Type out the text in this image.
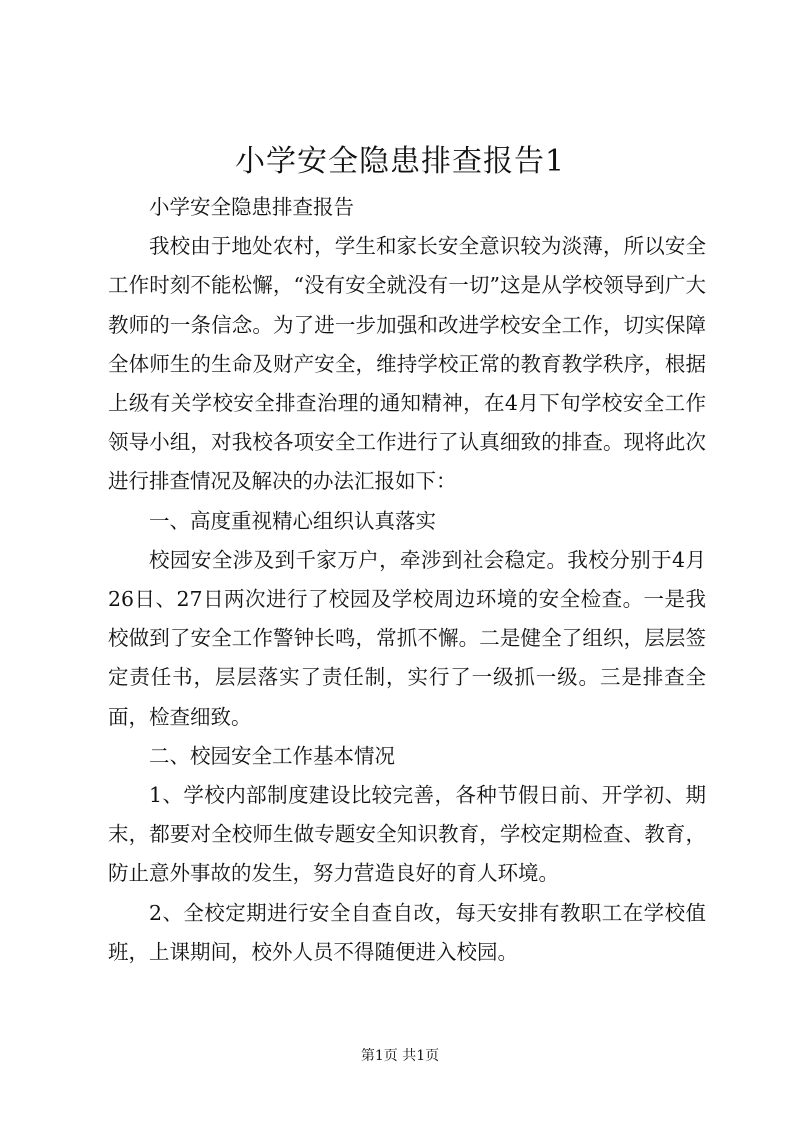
小学安全隐患排查报告1

小学安全隐患排查报告

我校由于地处农村，学生和家长安全意识较为淡薄，所以安全工作时刻不能松懈，“没有安全就没有一切”这是从学校领导到广大教师的一条信念。为了进一步加强和改进学校安全工作，切实保障全体师生的生命及财产安全，维持学校正常的教育教学秩序，根据上级有关学校安全排查治理的通知精神，在4月下旬学校安全工作领导小组，对我校各项安全工作进行了认真细致的排查。现将此次进行排查情况及解决的办法汇报如下：

一、高度重视精心组织认真落实

校园安全涉及到千家万户，牵涉到社会稳定。我校分别于4月26日、27日两次进行了校园及学校周边环境的安全检查。一是我校做到了安全工作警钟长鸣，常抓不懈。二是健全了组织，层层签定责任书，层层落实了责任制，实行了一级抓一级。三是排查全面，检查细致。

二、校园安全工作基本情况

1、学校内部制度建设比较完善，各种节假日前、开学初、期末，都要对全校师生做专题安全知识教育，学校定期检查、教育，防止意外事故的发生，努力营造良好的育人环境。

2、全校定期进行安全自查自改，每天安排有教职工在学校值班，上课期间，校外人员不得随便进入校园。

第1页 共1页
